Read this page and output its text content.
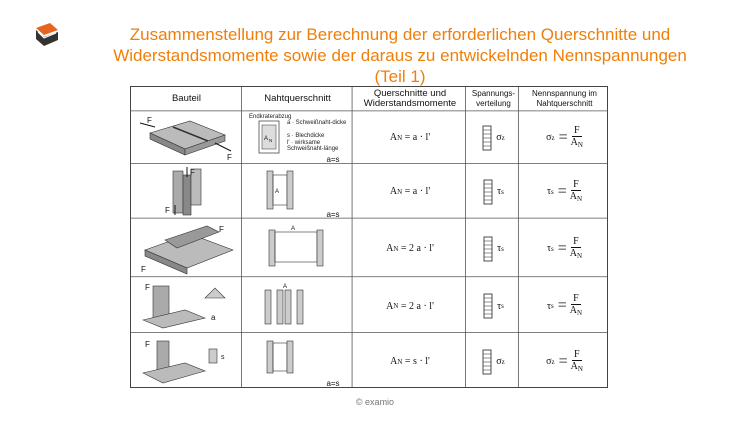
Zusammenstellung zur Berechnung der erforderlichen Querschnitte und
Widerstandsmomente sowie der daraus zu entwickelnden Nennspannungen
(Teil 1)
Bauteil	Nahtquerschnitt	Querschnitte und Widerstandsmomente
Spannungs-verteilung
Nennspannung im Nahtquerschnitt
F
F
F
F
F
F
F
a
F
s
A N
Endkraterabzug
a · Schweißnaht-dicke
s · Blechdicke
l' · wirksame Schweißnaht-länge
A
A
A
a=s
a=s
a=s
A N
= a · l'
A N
= a · l'
A N
= 2 a · l'
A N
= 2 a · l'
A N
= s · l'

σ z

τ s

τ s

τ s

σ z
σ $z = \frac{F}{A_N}$
τ $s = \frac{F}{A_N}$
τ $s = \frac{F}{A_N}$
τ $s = \frac{F}{A_N}$
σ $z = \frac{F}{A_N}$
© examio
